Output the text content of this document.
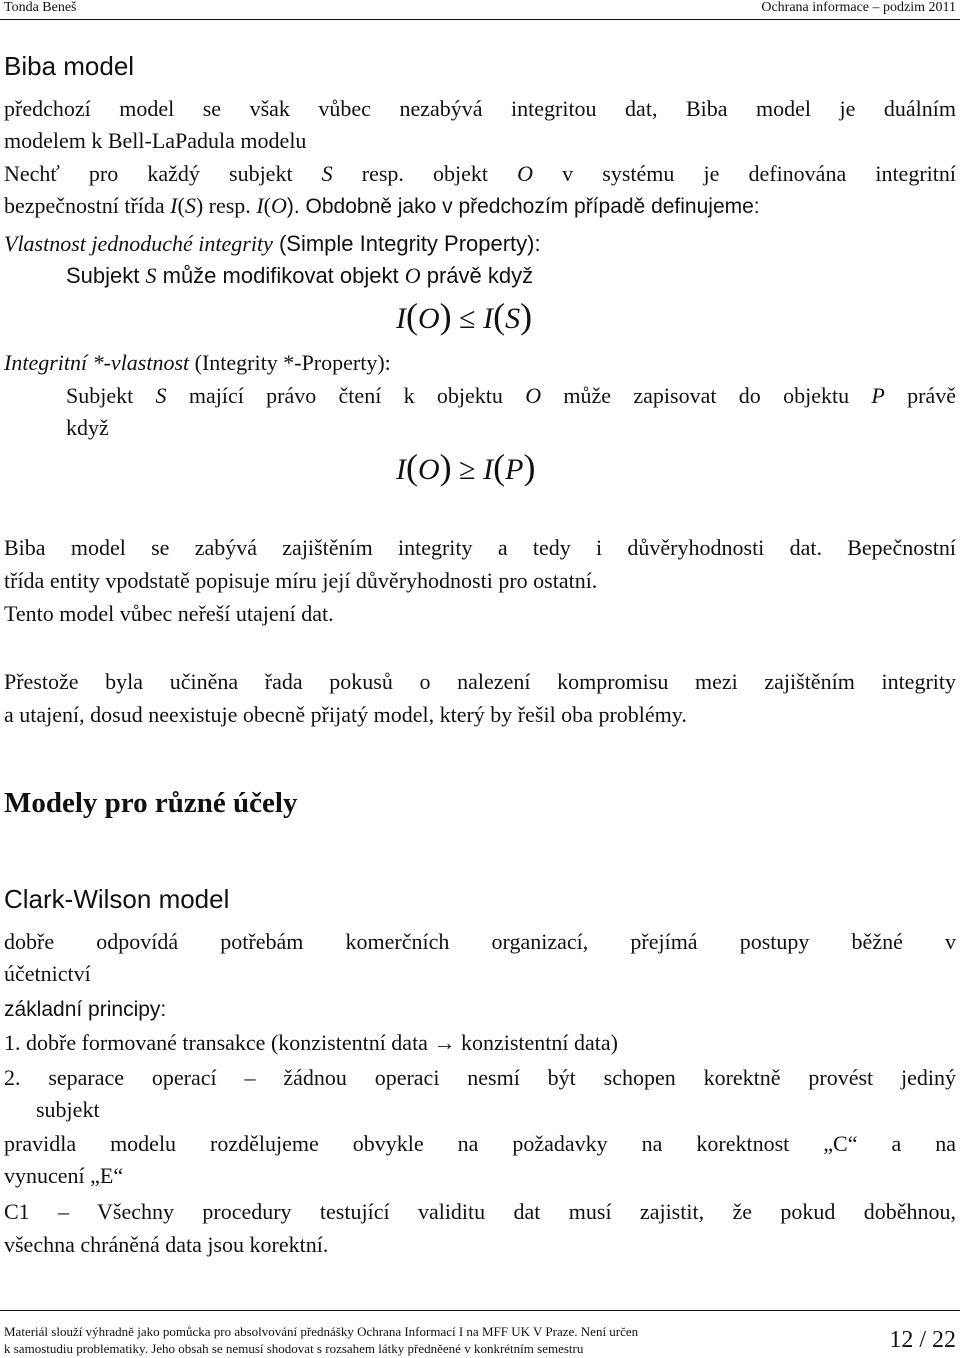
Tonda Beneš	Ochrana informace – podzim 2011
Biba model
předchozí model se však vůbec nezabývá integritou dat, Biba model je duálním
modelem k Bell-LaPadula modelu
Nechť pro každý subjekt S resp. objekt O v systému je definována integritní
bezpečnostní třída I(S) resp. I(O). Obdobně jako v předchozím případě definujeme:
Vlastnost jednoduché integrity (Simple Integrity Property):
Subjekt S může modifikovat objekt O právě když
I(O) ≤ I(S)
Integritní *-vlastnost (Integrity *-Property):
Subjekt S mající právo čtení k objektu O může zapisovat do objektu P právě
když
I(O) ≥ I(P)
Biba model se zabývá zajištěním integrity a tedy i důvěryhodnosti dat. Bepečnostní
třída entity vpodstatě popisuje míru její důvěryhodnosti pro ostatní.
Tento model vůbec neřeší utajení dat.
Přestože byla učiněna řada pokusů o nalezení kompromisu mezi zajištěním integrity
a utajení, dosud neexistuje obecně přijatý model, který by řešil oba problémy.
Modely pro různé účely
Clark-Wilson model
dobře odpovídá potřebám komerčních organizací, přejímá postupy běžné v
účetnictví
základní principy:
1. dobře formované transakce (konzistentní data → konzistentní data)
2. separace operací – žádnou operaci nesmí být schopen korektně provést jediný
subjekt
pravidla modelu rozdělujeme obvykle na požadavky na korektnost „C“ a na
vynucení „E“
C1 – Všechny procedury testující validitu dat musí zajistit, že pokud doběhnou,
všechna chráněná data jsou korektní.
Materiál slouží výhradně jako pomůcka pro absolvování přednášky Ochrana Informací I na MFF UK V Praze. Není určen
k samostudiu problematiky. Jeho obsah se nemusí shodovat s rozsahem látky předněené v konkrétním semestru	12 / 22
